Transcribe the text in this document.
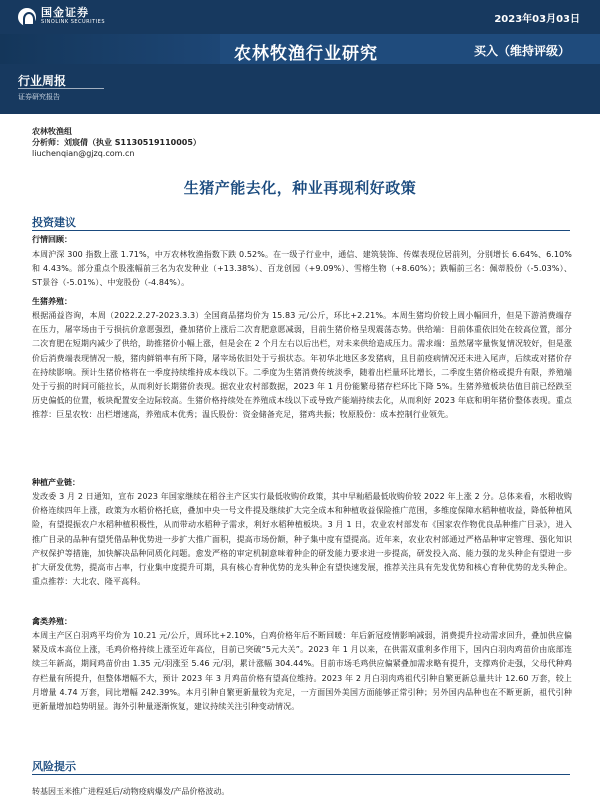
国金证券
SINOLINK SECURITIES	2023年03月03日
农林牧渔行业研究	买入（维持评级）
行业周报
证券研究报告
农林牧渔组
分析师：刘宸倩（执业 S1130519110005）
liuchenqian@gjzq.com.cn
生猪产能去化，种业再现利好政策
投资建议
行情回顾：
本周沪深 300 指数上涨 1.71%，中万农林牧渔指数下跌 0.52%。在一级子行业中，通信、建筑装饰、传媒表现位居前列，分别增长 6.64%、6.10%和 4.43%。部分重点个股涨幅前三名为农发种业（+13.38%）、百龙创园（+9.09%）、雪榕生物（+8.60%）；跌幅前三名：佩蒂股份（-5.03%）、ST景谷（-5.01%）、中宠股份（-4.84%）。
生猪养殖：
根据涌益咨询，本周（2022.2.27-2023.3.3）全国商品猪均价为 15.83 元/公斤，环比+2.21%。本周生猪均价较上周小幅回升，但是下游消费端存在压力，屠宰场由于亏损抗价意愿强烈，叠加猪价上涨后二次育肥意愿减弱，目前生猪价格呈现震荡态势。供给端：目前体重依旧处在较高位置，部分二次育肥在短期内减少了供给，助推猪价小幅上涨，但是会在 2 个月左右以后出栏，对未来供给造成压力。需求端：虽然屠宰量恢复情况较好，但是涨价后消费端表现情况一般，猪肉鲜销率有所下降，屠宰场依旧处于亏损状态。年初华北地区多发猪病，且目前疫病情况还未进入尾声，后续或对猪价存在持续影响。预计生猪价格将在一季度持续维持成本线以下。二季度为生猪消费传统淡季，随着出栏量环比增长，二季度生猪价格或提升有限，养殖端处于亏损的时间可能拉长，从而利好长期猪价表现。据农业农村部数据，2023 年 1 月份能繁母猪存栏环比下降 5%。生猪养殖板块估值目前已经跌至历史偏低的位置，板块配置安全边际较高。生猪价格持续处在养殖成本线以下或导致产能端持续去化，从而利好 2023 年底和明年猪价整体表现。重点推荐：巨星农牧：出栏增速高，养殖成本优秀；温氏股份：资金储备充足，猪鸡共振；牧原股份：成本控制行业领先。
种植产业链：
发改委 3 月 2 日通知，宣布 2023 年国家继续在稻谷主产区实行最低收购价政策，其中早籼稻最低收购价较 2022 年上涨 2 分。总体来看，水稻收购价格连续四年上涨，政策为水稻价格托底，叠加中央一号文件提及继续扩大完全成本和种植收益保险推广范围，多维度保障水稻种植收益，降低种植风险，有望提振农户水稻种植积极性，从而带动水稻种子需求，利好水稻种植板块。3 月 1 日，农业农村部发布《国家农作物优良品种推广目录》，进入推广目录的品种有望凭借品种优势进一步扩大推广面积，提高市场份额，种子集中度有望提高。近年来，农业农村部通过严格品种审定管理、强化知识产权保护等措施，加快解决品种同质化问题。愈发严格的审定机制意味着种企的研发能力要求进一步提高，研发投入高、能力强的龙头种企有望进一步扩大研发优势，提高市占率，行业集中度提升可期，具有核心育种优势的龙头种企有望快速发展，推荐关注具有先发优势和核心育种优势的龙头种企。重点推荐：大北农、隆平高科。
禽类养殖：
本周主产区白羽鸡平均价为 10.21 元/公斤，周环比+2.10%，白鸡价格年后不断回暖：年后新冠疫情影响减弱，消费提升拉动需求回升，叠加供应偏紧及成本高位上涨，毛鸡价格持续上涨至近年高位，目前已突破“5元大关”。2023 年 1 月以来，在供需双重利多作用下，国内白羽肉鸡苗价由底部连续三年新高，期间鸡苗价由 1.35 元/羽涨至 5.46 元/羽，累计涨幅 304.44%。目前市场毛鸡供应偏紧叠加需求略有提升，支撑鸡价走强，父母代种鸡存栏量有所提升，但整体增幅不大，预计 2023 年 3 月鸡苗价格有望高位维持。2023 年 2 月白羽肉鸡祖代引种自繁更新总量共计 12.60 万套，较上月增量 4.74 万套，同比增幅 242.39%。本月引种自繁更新量较为充足，一方面国外美国方面能够正常引种；另外国内品种也在不断更新，祖代引种更新量增加趋势明显。海外引种量逐渐恢复，建议持续关注引种变动情况。
风险提示
转基因玉米推广进程延后/动物疫病爆发/产品价格波动。
